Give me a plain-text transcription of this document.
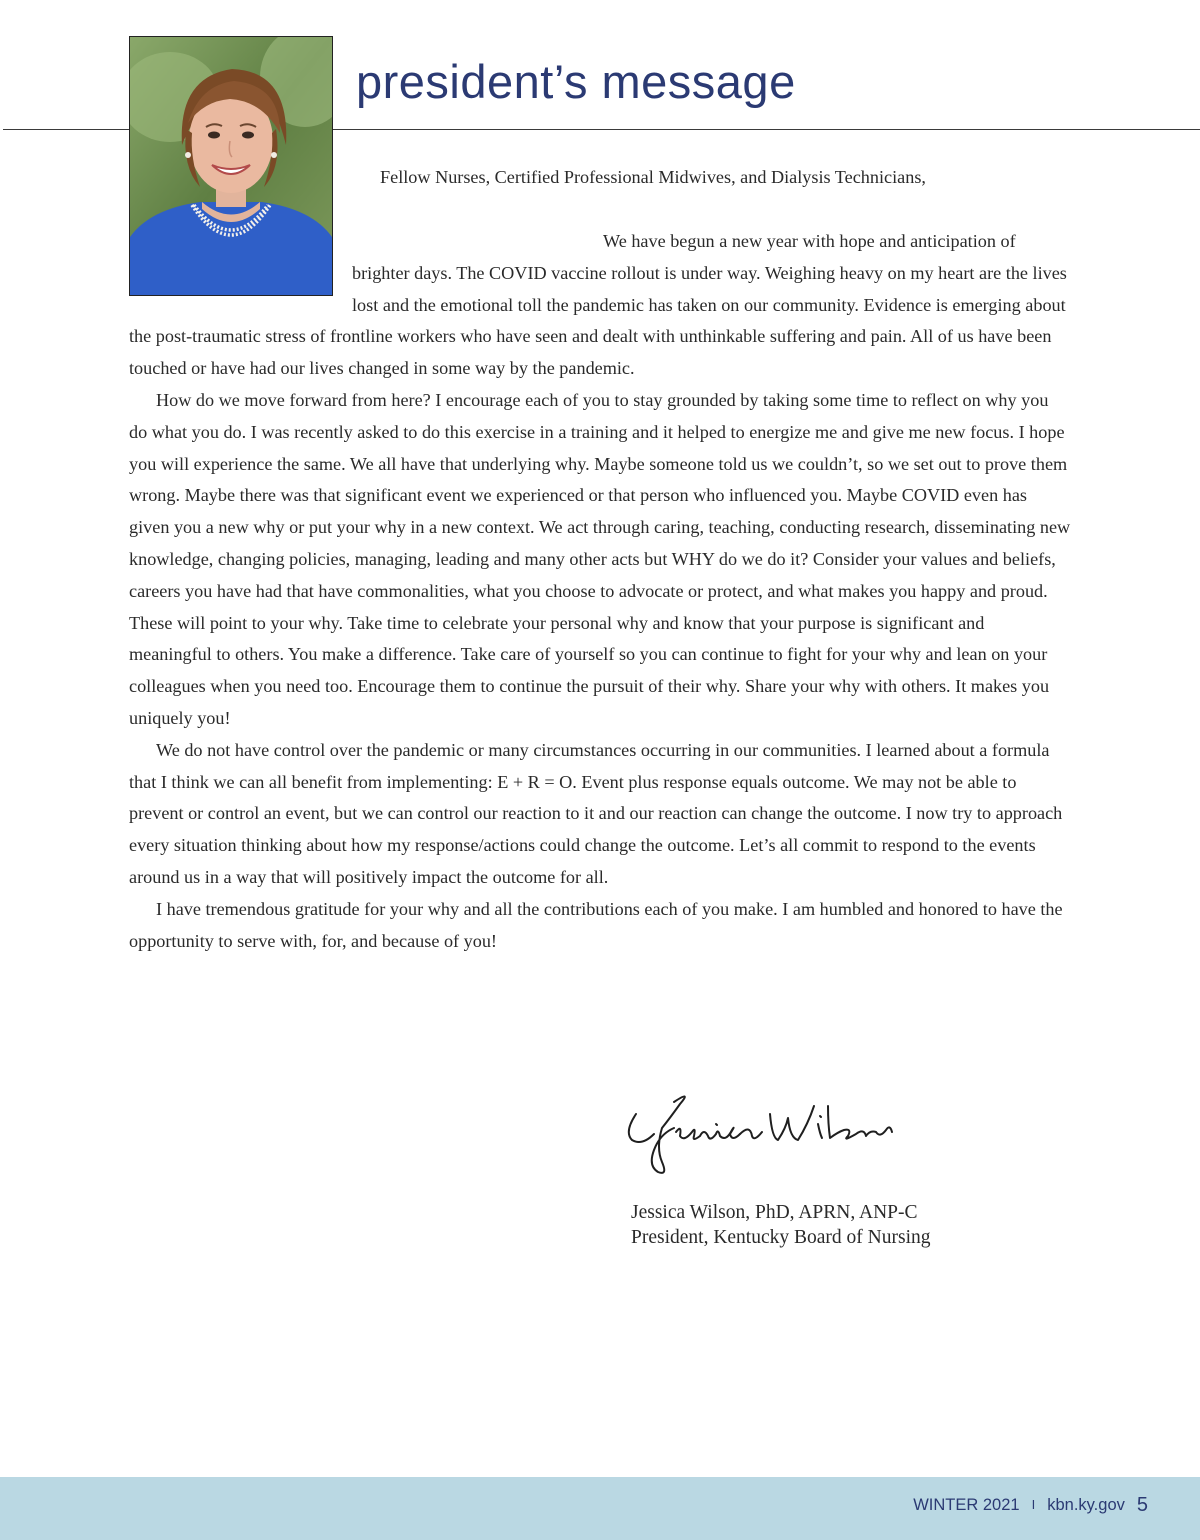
president’s message

Fellow Nurses, Certified Professional Midwives, and Dialysis Technicians,

We have begun a new year with hope and anticipation of brighter days. The COVID vaccine rollout is under way. Weighing heavy on my heart are the lives lost and the emotional toll the pandemic has taken on our community. Evidence is emerging about the post-traumatic stress of frontline workers who have seen and dealt with unthinkable suffering and pain. All of us have been touched or have had our lives changed in some way by the pandemic.

How do we move forward from here? I encourage each of you to stay grounded by taking some time to reflect on why you do what you do. I was recently asked to do this exercise in a training and it helped to energize me and give me new focus. I hope you will experience the same. We all have that underlying why. Maybe someone told us we couldn’t, so we set out to prove them wrong. Maybe there was that significant event we experienced or that person who influenced you. Maybe COVID even has given you a new why or put your why in a new context. We act through caring, teaching, conducting research, disseminating new knowledge, changing policies, managing, leading and many other acts but WHY do we do it? Consider your values and beliefs, careers you have had that have commonalities, what you choose to advocate or protect, and what makes you happy and proud. These will point to your why. Take time to celebrate your personal why and know that your purpose is significant and meaningful to others. You make a difference. Take care of yourself so you can continue to fight for your why and lean on your colleagues when you need too. Encourage them to continue the pursuit of their why. Share your why with others. It makes you uniquely you!

We do not have control over the pandemic or many circumstances occurring in our communities. I learned about a formula that I think we can all benefit from implementing: E + R = O. Event plus response equals outcome. We may not be able to prevent or control an event, but we can control our reaction to it and our reaction can change the outcome. I now try to approach every situation thinking about how my response/actions could change the outcome. Let’s all commit to respond to the events around us in a way that will positively impact the outcome for all.

I have tremendous gratitude for your why and all the contributions each of you make. I am humbled and honored to have the opportunity to serve with, for, and because of you!

Jessica Wilson, PhD, APRN, ANP-C
President, Kentucky Board of Nursing
WINTER 2021 I kbn.ky.gov 5
